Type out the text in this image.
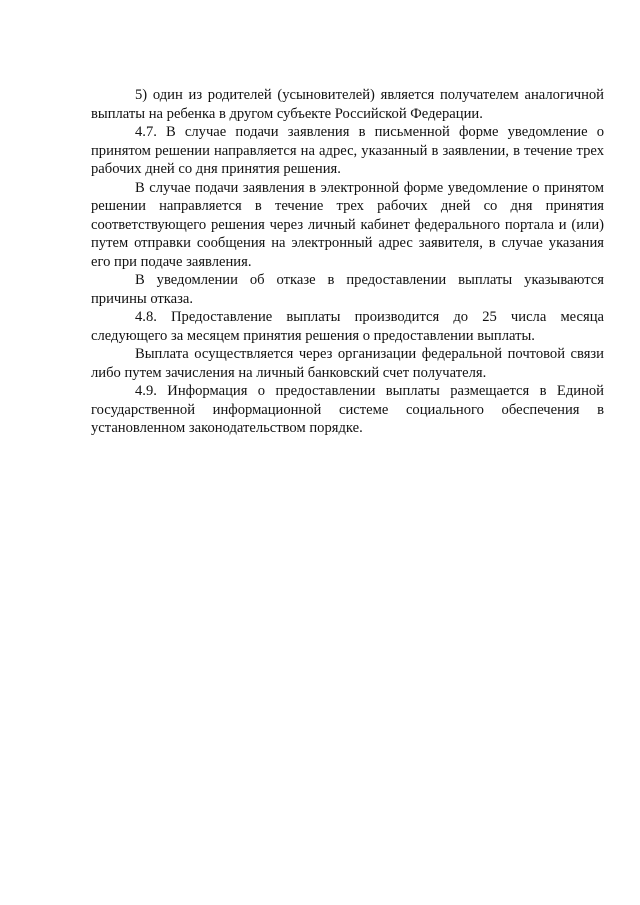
5) один из родителей (усыновителей) является получателем аналогичной выплаты на ребенка в другом субъекте Российской Федерации.

4.7. В случае подачи заявления в письменной форме уведомление о принятом решении направляется на адрес, указанный в заявлении, в течение трех рабочих дней со дня принятия решения.

В случае подачи заявления в электронной форме уведомление о принятом решении направляется в течение трех рабочих дней со дня принятия соответствующего решения через личный кабинет федерального портала и (или) путем отправки сообщения на электронный адрес заявителя, в случае указания его при подаче заявления.

В уведомлении об отказе в предоставлении выплаты указываются причины отказа.

4.8. Предоставление выплаты производится до 25 числа месяца следующего за месяцем принятия решения о предоставлении выплаты.

Выплата осуществляется через организации федеральной почтовой связи либо путем зачисления на личный банковский счет получателя.

4.9. Информация о предоставлении выплаты размещается в Единой государственной информационной системе социального обеспечения в установленном законодательством порядке.
